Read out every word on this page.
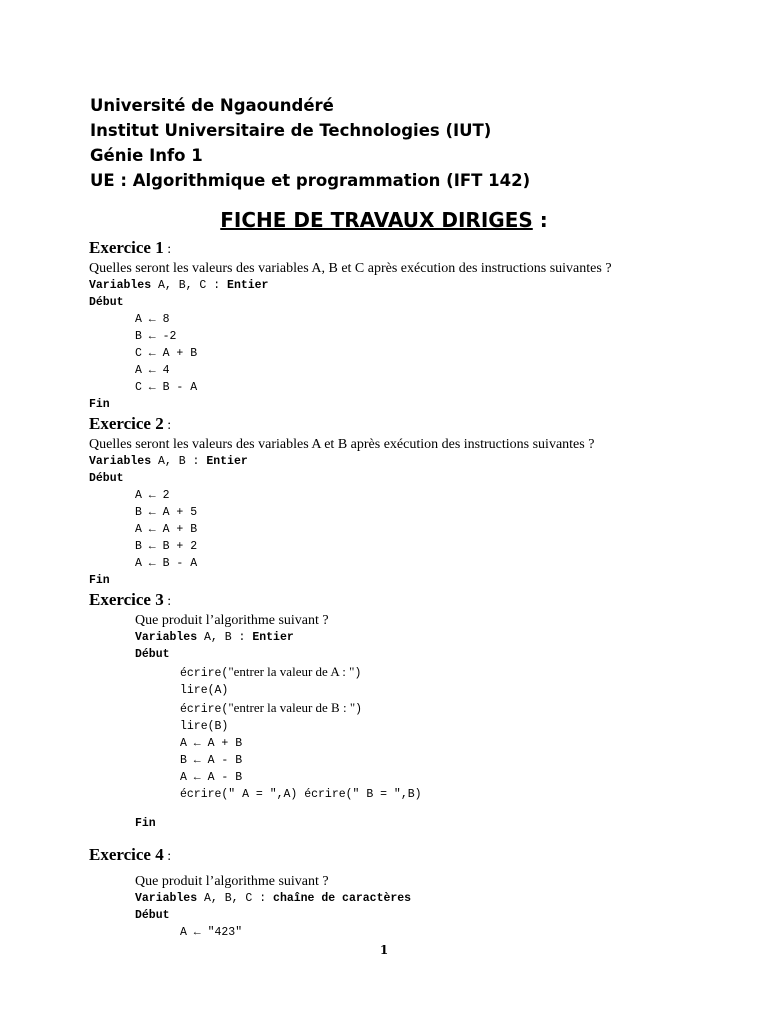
Université de Ngaoundéré
Institut Universitaire de Technologies (IUT)
Génie Info 1
UE : Algorithmique et programmation (IFT 142)
FICHE DE TRAVAUX DIRIGES :
Exercice 1 :
Quelles seront les valeurs des variables A, B et C après exécution des instructions suivantes ?
Variables A, B, C : Entier
Début
A ← 8
B ← -2
C ← A + B
A ← 4
C ← B - A
Fin
Exercice 2 :
Quelles seront les valeurs des variables A et B après exécution des instructions suivantes ?
Variables A, B : Entier
Début
A ← 2
B ← A + 5
A ← A + B
B ← B + 2
A ← B - A
Fin
Exercice 3 :
Que produit l’algorithme suivant ?
Variables A, B : Entier
Début
écrire("entrer la valeur de A : ")
lire(A)
écrire("entrer la valeur de B : ")
lire(B)
A ← A + B
B ← A - B
A ← A - B
écrire(" A = ",A) écrire(" B = ",B)
Fin
Exercice 4 :
Que produit l’algorithme suivant ?
Variables A, B, C : chaîne de caractères
Début
A ← "423"
1
